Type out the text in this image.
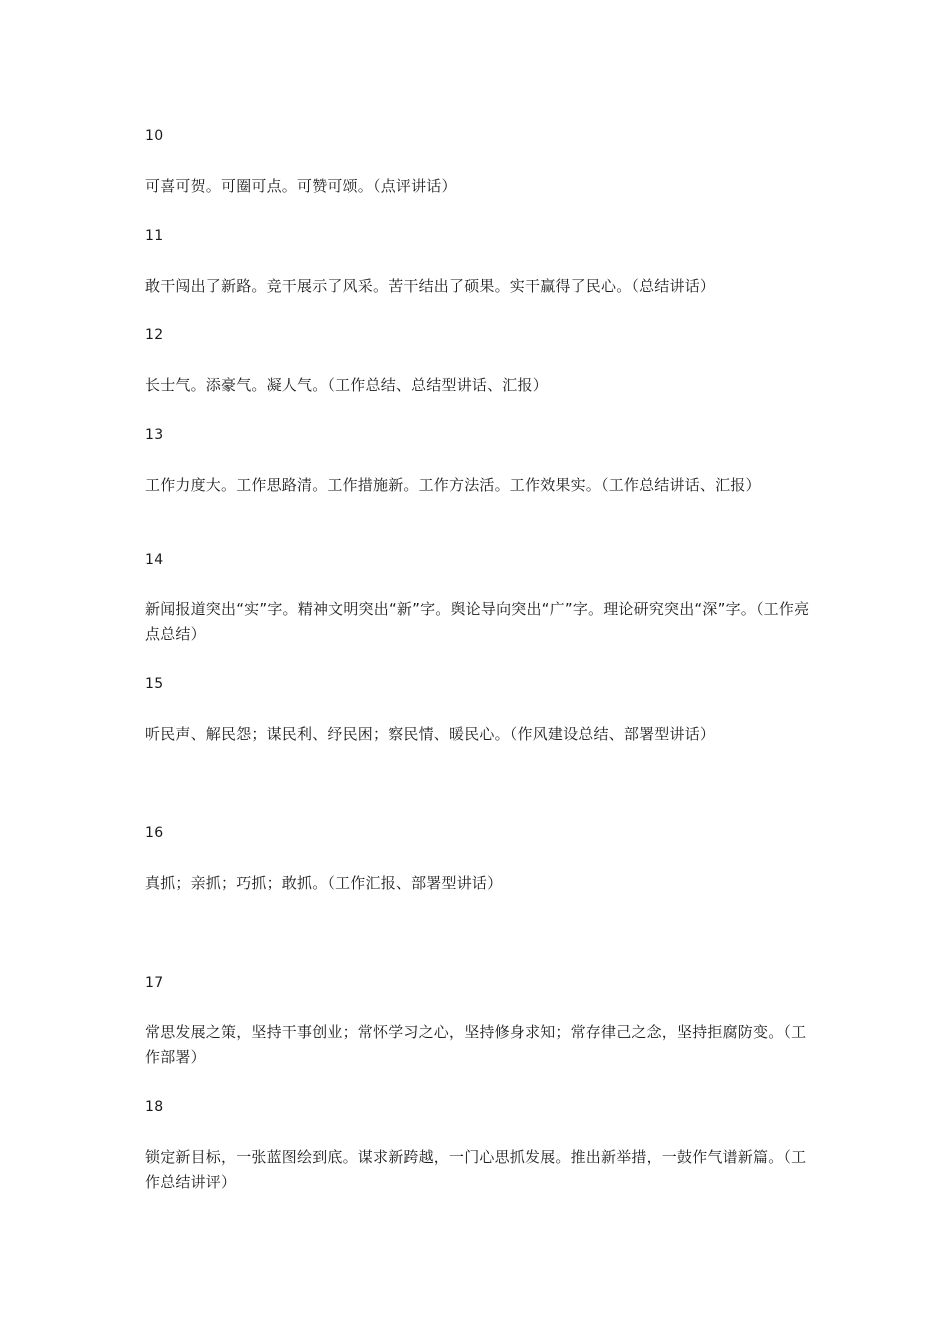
10
可喜可贺。可圈可点。可赞可颂。（点评讲话）
11
敢干闯出了新路。竞干展示了风采。苦干结出了硕果。实干赢得了民心。（总结讲话）
12
长士气。添豪气。凝人气。（工作总结、总结型讲话、汇报）
13
工作力度大。工作思路清。工作措施新。工作方法活。工作效果实。（工作总结讲话、汇报）
14
新闻报道突出“实”字。精神文明突出“新”字。舆论导向突出“广”字。理论研究突出“深”字。（工作亮点总结）
15
听民声、解民怨；谋民利、纾民困；察民情、暖民心。（作风建设总结、部署型讲话）
16
真抓；亲抓；巧抓；敢抓。（工作汇报、部署型讲话）
17
常思发展之策，坚持干事创业；常怀学习之心，坚持修身求知；常存律己之念，坚持拒腐防变。（工作部署）
18
锁定新目标，一张蓝图绘到底。谋求新跨越，一门心思抓发展。推出新举措，一鼓作气谱新篇。（工作总结讲评）
